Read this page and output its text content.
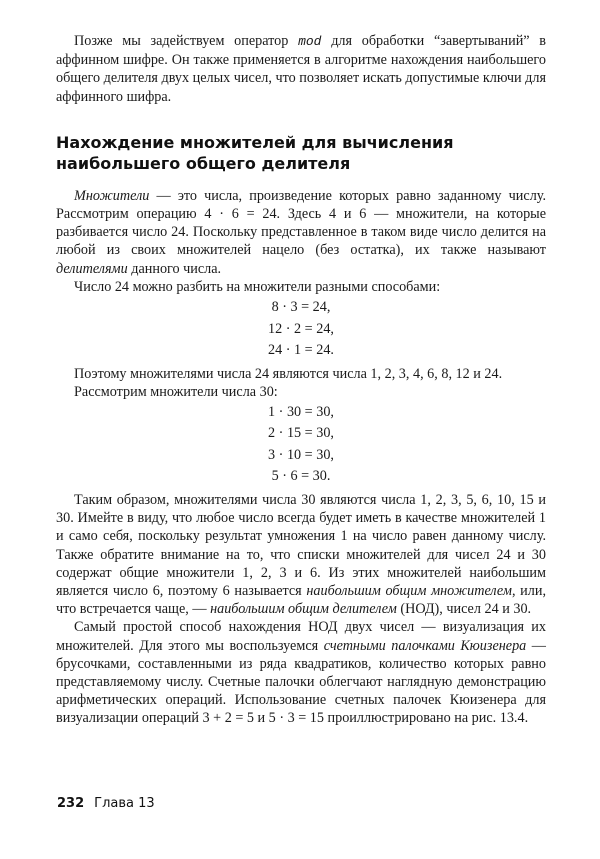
Позже мы задействуем оператор mod для обработки “завертываний” в аффинном шифре. Он также применяется в алгоритме нахождения наибольшего общего делителя двух целых чисел, что позволяет искать допустимые ключи для аффинного шифра.

Нахождение множителей для вычисления
наибольшего общего делителя

Множители — это числа, произведение которых равно заданному числу. Рассмотрим операцию 4 · 6 = 24. Здесь 4 и 6 — множители, на которые разбивается число 24. Поскольку представленное в таком виде число делится на любой из своих множителей нацело (без остатка), их также называют делителями данного числа.

Число 24 можно разбить на множители разными способами:

8 · 3 = 24,
12 · 2 = 24,
24 · 1 = 24.

Поэтому множителями числа 24 являются числа 1, 2, 3, 4, 6, 8, 12 и 24.

Рассмотрим множители числа 30:

1 · 30 = 30,
2 · 15 = 30,
3 · 10 = 30,
5 · 6 = 30.

Таким образом, множителями числа 30 являются числа 1, 2, 3, 5, 6, 10, 15 и 30. Имейте в виду, что любое число всегда будет иметь в качестве множителей 1 и само себя, поскольку результат умножения 1 на число равен данному числу. Также обратите внимание на то, что списки множителей для чисел 24 и 30 содержат общие множители 1, 2, 3 и 6. Из этих множителей наибольшим является число 6, поэтому 6 называется наибольшим общим множителем, или, что встречается чаще, — наибольшим общим делителем (НОД), чисел 24 и 30.

Самый простой способ нахождения НОД двух чисел — визуализация их множителей. Для этого мы воспользуемся счетными палочками Кюизенера — брусочками, составленными из ряда квадратиков, количество которых равно представляемому числу. Счетные палочки облегчают наглядную демонстрацию арифметических операций. Использование счетных палочек Кюизенера для визуализации операций 3 + 2 = 5 и 5 · 3 = 15 проиллюстрировано на рис. 13.4.

232 Глава 13
